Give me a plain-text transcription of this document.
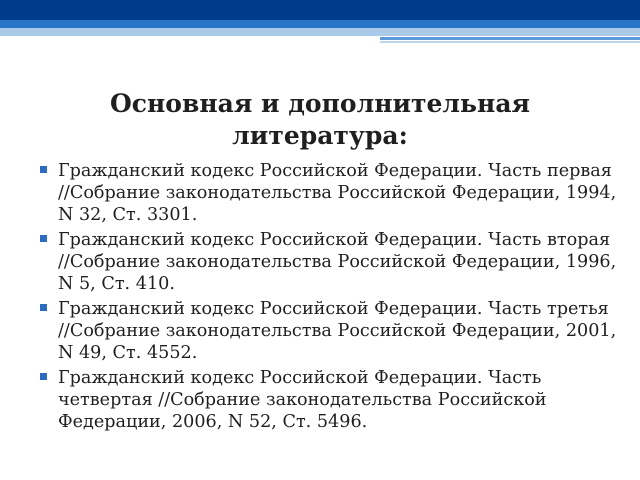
Основная и дополнительная литература:
Гражданский кодекс Российской Федерации. Часть первая //Собрание законодательства Российской Федерации, 1994, N 32, Ст. 3301.
Гражданский кодекс Российской Федерации. Часть вторая //Собрание законодательства Российской Федерации, 1996, N 5, Ст. 410.
Гражданский кодекс Российской Федерации. Часть третья //Собрание законодательства Российской Федерации, 2001, N 49, Ст. 4552.
Гражданский кодекс Российской Федерации. Часть четвертая //Собрание законодательства Российской Федерации, 2006, N 52, Ст. 5496.
